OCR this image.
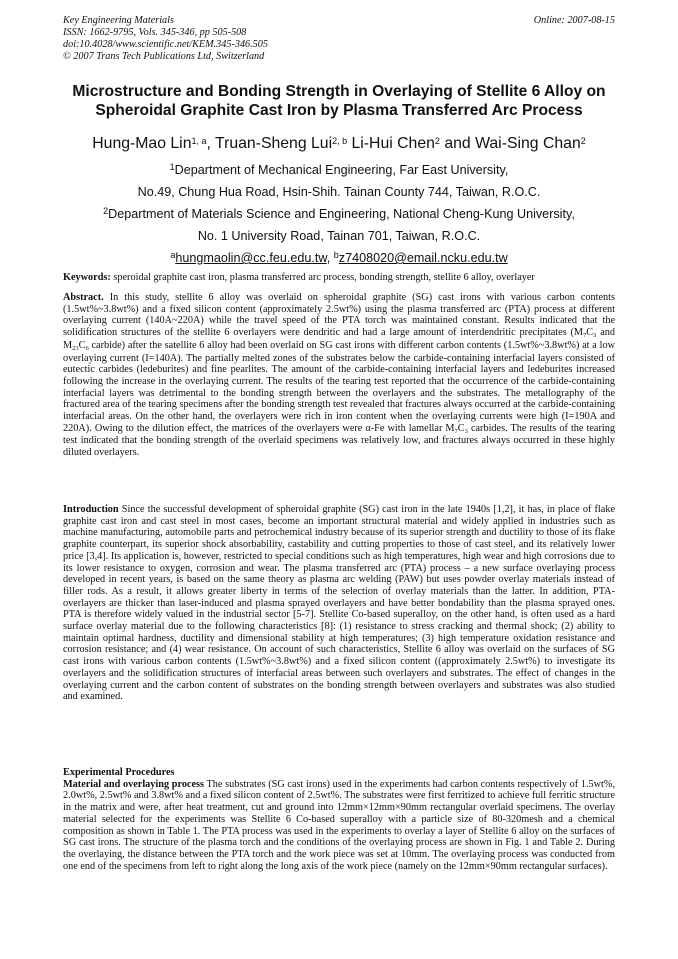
Key Engineering Materials
ISSN: 1662-9795, Vols. 345-346, pp 505-508
doi:10.4028/www.scientific.net/KEM.345-346.505
© 2007 Trans Tech Publications Ltd, Switzerland
Online: 2007-08-15
Microstructure and Bonding Strength in Overlaying of Stellite 6 Alloy on
Spheroidal Graphite Cast Iron by Plasma Transferred Arc Process
Hung-Mao Lin$^{1, a}$, Truan-Sheng Lui$^{2, b}$ Li-Hui Chen$^2$ and Wai-Sing Chan$^2$
$^1$Department of Mechanical Engineering, Far East University,
No.49, Chung Hua Road, Hsin-Shih. Tainan County 744, Taiwan, R.O.C.
$^2$Department of Materials Science and Engineering, National Cheng-Kung University,
No. 1 University Road, Tainan 701, Taiwan, R.O.C.
$^a$hungmaolin@cc.feu.edu.tw, $^b$z7408020@email.ncku.edu.tw
Keywords: speroidal graphite cast iron, plasma transferred arc process, bonding strength, stellite 6 alloy, overlayer
Abstract. In this study, stellite 6 alloy was overlaid on spheroidal graphite (SG) cast irons with various carbon contents (1.5wt%~3.8wt%) and a fixed silicon content (approximately 2.5wt%) using the plasma transferred arc (PTA) process at different overlaying current (140A~220A) while the travel speed of the PTA torch was maintained constant. Results indicated that the solidification structures of the stellite 6 overlayers were dendritic and had a large amount of interdendritic precipitates (M7C3 and M23C6 carbide) after the satellite 6 alloy had been overlaid on SG cast irons with different carbon contents (1.5wt%~3.8wt%) at a low overlaying current (I=140A). The partially melted zones of the substrates below the carbide-containing interfacial layers consisted of eutectic carbides (ledeburites) and fine pearlites. The amount of the carbide-containing interfacial layers and ledeburites increased following the increase in the overlaying current. The results of the tearing test reported that the occurrence of the carbide-containing interfacial layers was detrimental to the bonding strength between the overlayers and the substrates. The metallography of the fractured area of the tearing specimens after the bonding strength test revealed that fractures always occurred at the carbide-containing interfacial areas. On the other hand, the overlayers were rich in iron content when the overlaying currents were high (I=190A and 220A). Owing to the dilution effect, the matrices of the overlayers were α-Fe with lamellar M7C3 carbides. The results of the tearing test indicated that the bonding strength of the overlaid specimens was relatively low, and fractures always occurred in these highly diluted overlayers.
Introduction Since the successful development of spheroidal graphite (SG) cast iron in the late 1940s [1,2], it has, in place of flake graphite cast iron and cast steel in most cases, become an important structural material and widely applied in industries such as machine manufacturing, automobile parts and petrochemical industry because of its superior strength and ductility to those of its flake graphite counterpart, its superior shock absorbability, castability and cutting properties to those of cast steel, and its relatively lower price [3,4]. Its application is, however, restricted to special conditions such as high temperatures, high wear and high corrosions due to its lower resistance to oxygen, corrosion and wear. The plasma transferred arc (PTA) process – a new surface overlaying process developed in recent years, is based on the same theory as plasma arc welding (PAW) but uses powder overlay materials instead of filler rods. As a result, it allows greater liberty in terms of the selection of overlay materials than the latter. In addition, PTA-overlayers are thicker than laser-induced and plasma sprayed overlayers and have better bondability than the plasma sprayed ones. PTA is therefore widely valued in the industrial sector [5-7]. Stellite Co-based superalloy, on the other hand, is often used as a hard surface overlay material due to the following characteristics [8]: (1) resistance to stress cracking and thermal shock; (2) ability to maintain optimal hardness, ductility and dimensional stability at high temperatures; (3) high temperature oxidation resistance and corrosion resistance; and (4) wear resistance. On account of such characteristics, Stellite 6 alloy was overlaid on the surfaces of SG cast irons with various carbon contents (1.5wt%~3.8wt%) and a fixed silicon content ((approximately 2.5wt%) to investigate its overlayers and the solidification structures of interfacial areas between such overlayers and substrates. The effect of changes in the overlaying current and the carbon content of substrates on the bonding strength between overlayers and substrates was also studied and examined.
Experimental Procedures
Material and overlaying process The substrates (SG cast irons) used in the experiments had carbon contents respectively of 1.5wt%, 2.0wt%, 2.5wt% and 3.8wt% and a fixed silicon content of 2.5wt%. The substrates were first ferritized to achieve full ferritic structure in the matrix and were, after heat treatment, cut and ground into 12mm×12mm×90mm rectangular overlaid specimens. The overlay material selected for the experiments was Stellite 6 Co-based superalloy with a particle size of 80-320mesh and a chemical composition as shown in Table 1. The PTA process was used in the experiments to overlay a layer of Stellite 6 alloy on the surfaces of SG cast irons. The structure of the plasma torch and the conditions of the overlaying process are shown in Fig. 1 and Table 2. During the overlaying, the distance between the PTA torch and the work piece was set at 10mm. The overlaying process was conducted from one end of the specimens from left to right along the long axis of the work piece (namely on the 12mm×90mm rectangular surfaces).
